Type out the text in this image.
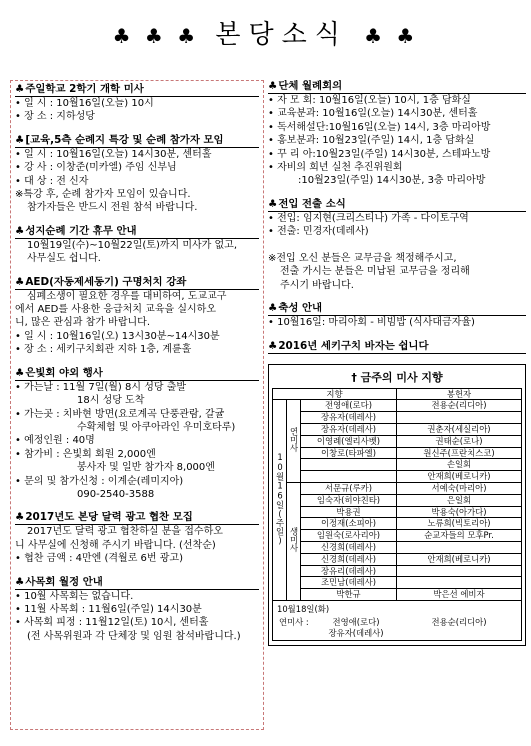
♣ ♣ ♣ 본당소식 ♣ ♣
♣주일학교 2학기 개학 미사
• 일 시 : 10월16일(오늘) 10시
• 장 소 : 지하성당
♣[교육,5측 순례지 특강 및 순례 참가자 모임
• 일 시 : 10월16일(오늘) 14시30분, 센터홀
• 강 사 : 이창준(미카엘) 주임 신부님
• 대 상 : 전 신자
※특강 후, 순례 참가자 모임이 있습니다.
참가자들은 반드시 전원 참석 바랍니다.
♣성지순례 기간 휴무 안내
10월19일(수)~10월22일(토)까지 미사가 없고,
사무실도 쉽니다.
♣AED(자동제세동기) 구명처치 강좌
심폐소생이 필요한 경우를 대비하여, 도교교구
에서 AED를 사용한 응급처치 교육을 실시하오
니, 많은 관심과 참가 바랍니다.
• 일 시 : 10월16일(오) 13시30분~14시30분
• 장 소 : 세키구치회관 지하 1층, 계륜홀
♣은빛회 야외 행사
• 가는날 : 11월 7일(월) 8시 성당 출발
18시 성당 도착
• 가는곳 : 치바현 방면(요로계곡 단풍관람, 갈귤
수확체험 및 아쿠아라인 우미호타루)
• 예정인원 : 40명
• 참가비 : 은빛회 회원 2,000엔
봉사자 및 일반 참가자 8,000엔
• 문의 및 참가신청 : 이계순(레미지아)
090-2540-3588
♣2017년도 본당 달력 광고 협찬 모집
2017년도 달력 광고 협찬하실 분을 접수하오
니 사무실에 신청해 주시기 바랍니다. (선착순)
• 협찬 금액 : 4만엔 (격월로 6번 광고)
♣사목회 월정 안내
• 10월 사목회는 없습니다.
• 11월 사목회 : 11월6일(주일) 14시30분
• 사목회 피정 : 11월12일(토) 10시, 센터홀
(전 사목위원과 각 단체장 및 임원 참석바랍니다.)
♣단체 월례회의
• 자 모 회: 10월16일(오늘) 10시, 1층 담화실
• 교육분과: 10월16일(오늘) 14시30분, 센터홀
• 독서해설단:10월16일(오늘) 14시, 3층 마리아방
• 홍보분과: 10월23일(주일) 14시, 1층 담화실
• 꾸 리 아:10월23일(주일) 14시30분, 스테파노방
• 자비의 희년 실천 추진위원회
:10월23일(주일) 14시30분, 3층 마리아방
♣전입 전출 소식
• 전입: 임지현(크리스티나) 가족 - 다이토구역
• 전출: 민경자(데레사)

※전입 오신 분들은 교무금을 책정해주시고,
전출 가시는 분들은 미납된 교무금을 정리해
주시기 바랍니다.
♣축성 안내
• 10월16일: 마리아회 - 비빔밥 (식사대금자율)
♣2016년 세키구치 바자는 쉽니다
† 금주의 미사 지향
지향			봉헌자
10월16일(주일)	연미사	전영애(로다)	전용순(리디아)
		장유자(데레사)	
		장유자(데레사)	권춘자(세실리아)
		이영례(엘리사벳)	권태순(로나)
		이창로(타파엘)	원신주(프란치스코)
			손일회
			안재희(베로니카)
	생미사	서문규(루카)	서예숙(마리아)
		임숙자(히야친타)	은일회
		박용권	박용숙(아가다)
		이정재(소피아)	노류희(빅토리아)
		임원숙(로사리아)	순교자들의 모후Pr.
		신경희(데레사)	
		신경희(데레사)	안재희(베로니카)
		장유리(데레사)	
		조민남(데레사)	
		박한규	박은선 에비자
10월18일(화)
연미사 :	전영애(로다)	전용순(리디아)
	장유자(데레사)	
